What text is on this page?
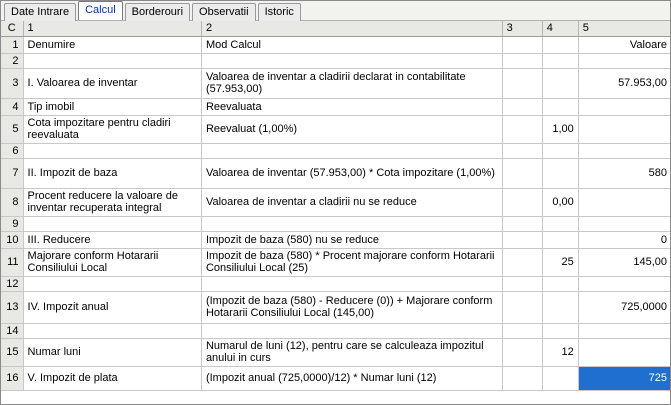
Date Intrare	Calcul	Borderouri	Observatii	Istoric
C	1	2	3	4	5
1	Denumire	Mod Calcul			Valoare
2					
3	I. Valoarea de inventar	Valoarea de inventar a cladirii declarat in contabilitate (57.953,00)			57.953,00
4	Tip imobil	Reevaluata			
5	Cota impozitare pentru cladiri reevaluata	Reevaluat (1,00%)		1,00	
6					
7	II. Impozit de baza	Valoarea de inventar (57.953,00) * Cota impozitare (1,00%)			580
8	Procent reducere la valoare de inventar recuperata integral	Valoarea de inventar a cladirii nu se reduce		0,00	
9					
10	III. Reducere	Impozit de baza (580) nu se reduce			0
11	Majorare conform Hotararii Consiliului Local	Impozit de baza (580) * Procent majorare conform Hotararii Consiliului Local (25)		25	145,00
12					
13	IV. Impozit anual	(Impozit de baza (580) - Reducere (0)) + Majorare conform Hotararii Consiliului Local (145,00)			725,0000
14					
15	Numar luni	Numarul de luni (12), pentru care se calculeaza impozitul anului in curs		12	
16	V. Impozit de plata	(Impozit anual (725,0000)/12) * Numar luni (12)			725
